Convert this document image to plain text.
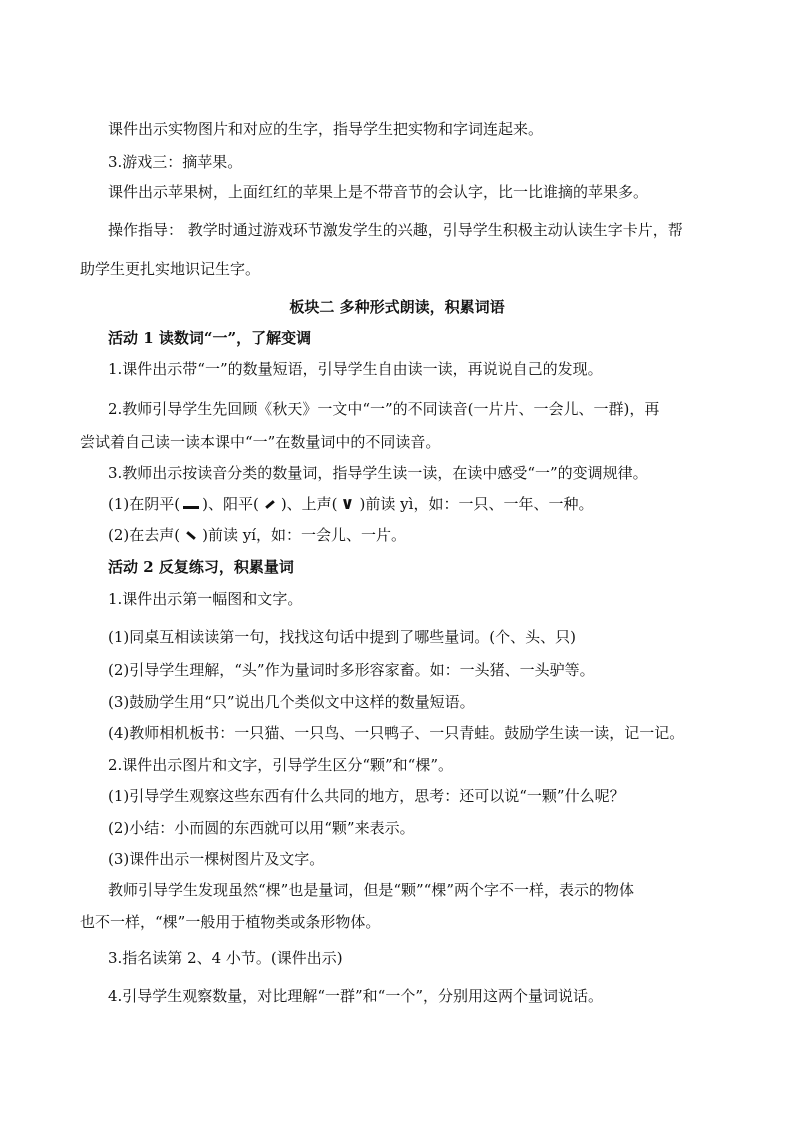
课件出示实物图片和对应的生字，指导学生把实物和字词连起来。
3.游戏三：摘苹果。
课件出示苹果树，上面红红的苹果上是不带音节的会认字，比一比谁摘的苹果多。
操作指导： 教学时通过游戏环节激发学生的兴趣，引导学生积极主动认读生字卡片，帮
助学生更扎实地识记生字。
板块二 多种形式朗读，积累词语
活动 1 读数词“一”，了解变调
1.课件出示带“一”的数量短语，引导学生自由读一读，再说说自己的发现。
2.教师引导学生先回顾《秋天》一文中“一”的不同读音(一片片、一会儿、一群)，再
尝试着自己读一读本课中“一”在数量词中的不同读音。
3.教师出示按读音分类的数量词，指导学生读一读，在读中感受“一”的变调规律。
(1)在阴平( )、阳平( )、上声(∨ )前读 yì，如：一只、一年、一种。
(2)在去声( )前读 yí，如：一会儿、一片。
活动 2 反复练习，积累量词
1.课件出示第一幅图和文字。
(1)同桌互相读读第一句，找找这句话中提到了哪些量词。(个、头、只)
(2)引导学生理解，“头”作为量词时多形容家畜。如：一头猪、一头驴等。
(3)鼓励学生用“只”说出几个类似文中这样的数量短语。
(4)教师相机板书：一只猫、一只鸟、一只鸭子、一只青蛙。鼓励学生读一读，记一记。
2.课件出示图片和文字，引导学生区分“颗”和“棵”。
(1)引导学生观察这些东西有什么共同的地方，思考：还可以说“一颗”什么呢？
(2)小结：小而圆的东西就可以用“颗”来表示。
(3)课件出示一棵树图片及文字。
教师引导学生发现虽然“棵”也是量词，但是“颗”“棵”两个字不一样，表示的物体
也不一样，“棵”一般用于植物类或条形物体。
3.指名读第 2、4 小节。(课件出示)
4.引导学生观察数量，对比理解“一群”和“一个”，分别用这两个量词说话。
